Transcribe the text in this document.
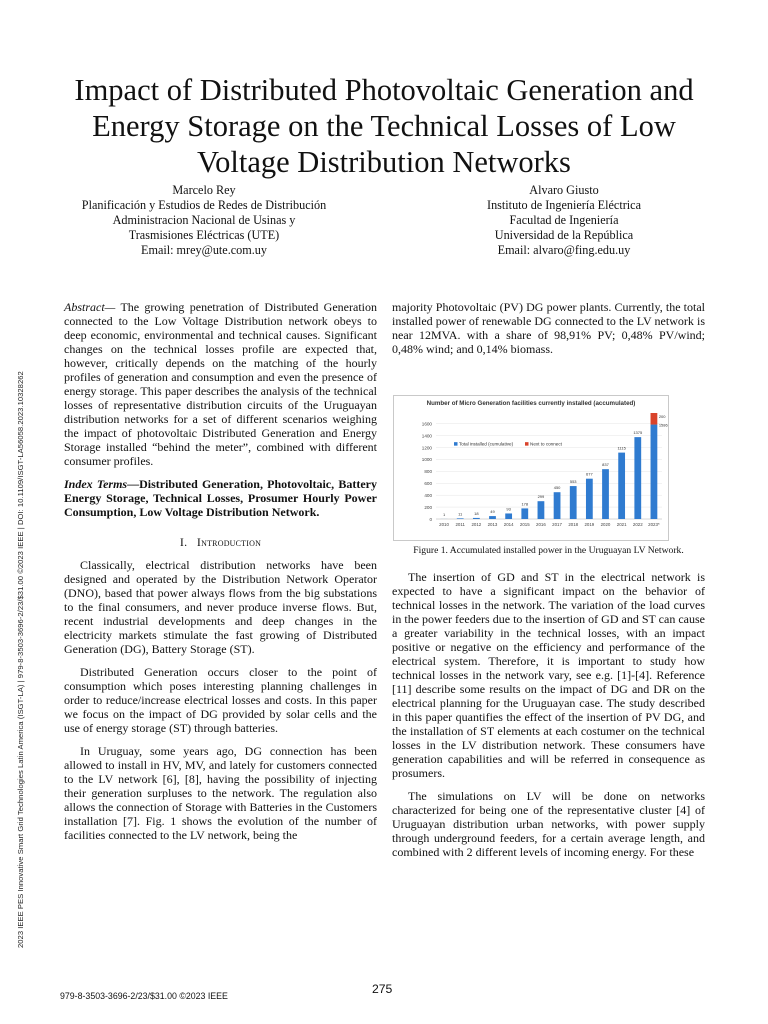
2023 IEEE PES Innovative Smart Grid Technologies Latin America (ISGT-LA) | 979-8-3503-3696-2/23/$31.00 ©2023 IEEE | DOI: 10.1109/ISGT-LA56058.2023.10328262
Impact of Distributed Photovoltaic Generation and Energy Storage on the Technical Losses of Low Voltage Distribution Networks
Marcelo Rey
Planificación y Estudios de Redes de Distribución
Administracion Nacional de Usinas y
Trasmisiones Eléctricas (UTE)
Email: mrey@ute.com.uy
Alvaro Giusto
Instituto de Ingeniería Eléctrica
Facultad de Ingeniería
Universidad de la República
Email: alvaro@fing.edu.uy

Abstract— The growing penetration of Distributed Generation connected to the Low Voltage Distribution network obeys to deep economic, environmental and technical causes. Significant changes on the technical losses profile are expected that, however, critically depends on the matching of the hourly profiles of generation and consumption and even the presence of energy storage. This paper describes the analysis of the technical losses of representative distribution circuits of the Uruguayan distribution networks for a set of different scenarios weighing the impact of photovoltaic Distributed Generation and Energy Storage installed “behind the meter”, combined with different consumer profiles.

Index Terms—Distributed Generation, Photovoltaic, Battery Energy Storage, Technical Losses, Prosumer Hourly Power Consumption, Low Voltage Distribution Network.

I. Introduction

Classically, electrical distribution networks have been designed and operated by the Distribution Network Operator (DNO), based that power always flows from the big substations to the final consumers, and never produce inverse flows. But, recent industrial developments and deep changes in the electricity markets stimulate the fast growing of Distributed Generation (DG), Battery Storage (ST).

Distributed Generation occurs closer to the point of consumption which poses interesting planning challenges in order to reduce/increase electrical losses and costs. In this paper we focus on the impact of DG provided by solar cells and the use of energy storage (ST) through batteries.

In Uruguay, some years ago, DG connection has been allowed to install in HV, MV, and lately for customers connected to the LV network [6], [8], having the possibility of injecting their generation surpluses to the network. The regulation also allows the connection of Storage with Batteries in the Customers installation [7]. Fig. 1 shows the evolution of the number of facilities connected to the LV network, being the

majority Photovoltaic (PV) DG power plants. Currently, the total installed power of renewable DG connected to the LV network is near 12MVA. with a share of 98,91% PV; 0,48% PV/wind; 0,48% wind; and 0,14% biomass.

Number of Micro Generation facilities currently installed (accumulated)
0
200
400
600
800
1000
1200
1400
1600
1
2010
11
2011
18
2012
49
2013
93
2014
178
2015
299
2016
450
2017
553
2018
677
2019
837
2020
1115
2021
1375
2022
200
1586
2023*
Total installed (cumulative)	Next to connect
Figure 1. Accumulated installed power in the Uruguayan LV Network.

The insertion of GD and ST in the electrical network is expected to have a significant impact on the behavior of technical losses in the network. The variation of the load curves in the power feeders due to the insertion of GD and ST can cause a greater variability in the technical losses, with an impact positive or negative on the efficiency and performance of the electrical system. Therefore, it is important to study how technical losses in the network vary, see e.g. [1]-[4]. Reference [11] describe some results on the impact of DG and DR on the electrical planning for the Uruguayan case. The study described in this paper quantifies the effect of the insertion of PV DG, and the installation of ST elements at each costumer on the technical losses in the LV distribution network. These consumers have generation capabilities and will be referred in consequence as prosumers.

The simulations on LV will be done on networks characterized for being one of the representative cluster [4] of Uruguayan distribution urban networks, with power supply through underground feeders, for a certain average length, and combined with 2 different levels of incoming energy. For these

979-8-3503-3696-2/23/$31.00 ©2023 IEEE	275
